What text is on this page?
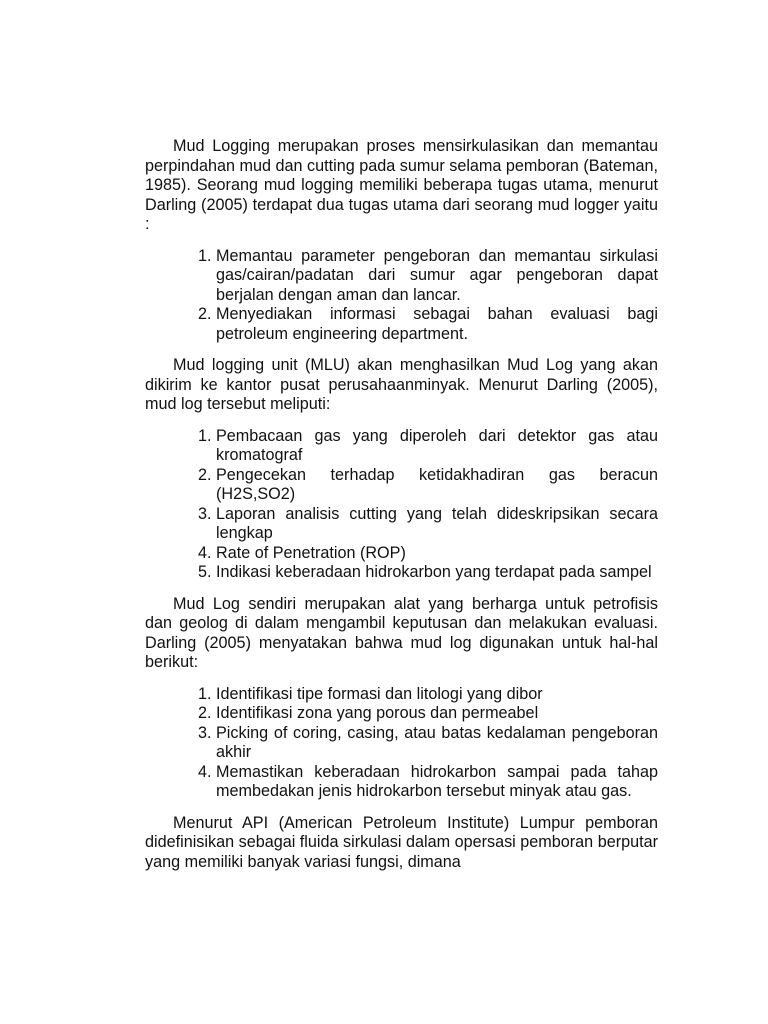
Mud Logging merupakan proses mensirkulasikan dan memantau perpindahan mud dan cutting pada sumur selama pemboran (Bateman, 1985). Seorang mud logging memiliki beberapa tugas utama, menurut Darling (2005) terdapat dua tugas utama dari seorang mud logger yaitu :

1. Memantau parameter pengeboran dan memantau sirkulasi gas/cairan/padatan dari sumur agar pengeboran dapat berjalan dengan aman dan lancar.
2. Menyediakan informasi sebagai bahan evaluasi bagi petroleum engineering department.

Mud logging unit (MLU) akan menghasilkan Mud Log yang akan dikirim ke kantor pusat perusahaanminyak. Menurut Darling (2005), mud log tersebut meliputi:

1. Pembacaan gas yang diperoleh dari detektor gas atau kromatograf
2. Pengecekan terhadap ketidakhadiran gas beracun (H2S,SO2)
3. Laporan analisis cutting yang telah dideskripsikan secara lengkap
4. Rate of Penetration (ROP)
5. Indikasi keberadaan hidrokarbon yang terdapat pada sampel

Mud Log sendiri merupakan alat yang berharga untuk petrofisis dan geolog di dalam mengambil keputusan dan melakukan evaluasi. Darling (2005) menyatakan bahwa mud log digunakan untuk hal-hal berikut:

1. Identifikasi tipe formasi dan litologi yang dibor
2. Identifikasi zona yang porous dan permeabel
3. Picking of coring, casing, atau batas kedalaman pengeboran akhir
4. Memastikan keberadaan hidrokarbon sampai pada tahap membedakan jenis hidrokarbon tersebut minyak atau gas.

Menurut API (American Petroleum Institute) Lumpur pemboran didefinisikan sebagai fluida sirkulasi dalam opersasi pemboran berputar yang memiliki banyak variasi fungsi, dimana
